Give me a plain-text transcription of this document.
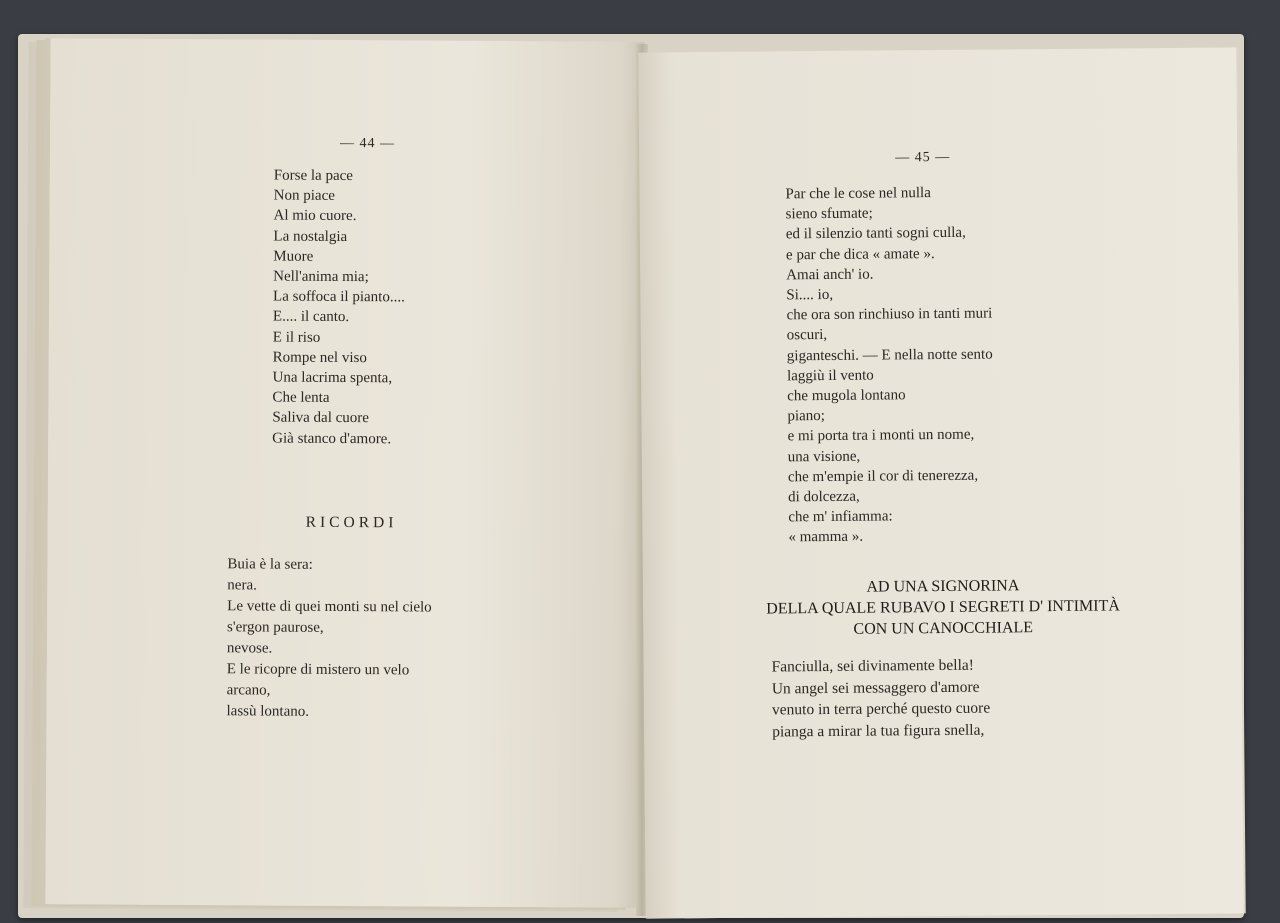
— 44 —
Forse la pace
Non piace
Al mio cuore.
La nostalgia
Muore
Nell'anima mia;
La soffoca il pianto....
E.... il canto.
E il riso
Rompe nel viso
Una lacrima spenta,
Che lenta
Saliva dal cuore
Già stanco d'amore.
RICORDI
Buia è la sera:
nera.
Le vette di quei monti su nel cielo
s'ergon paurose,
nevose.
E le ricopre di mistero un velo
arcano,
lassù lontano.
— 45 —
Par che le cose nel nulla
sieno sfumate;
ed il silenzio tanti sogni culla,
e par che dica « amate ».
Amai anch' io.
Si.... io,
che ora son rinchiuso in tanti muri
oscuri,
giganteschi. — E nella notte sento
laggiù il vento
che mugola lontano
piano;
e mi porta tra i monti un nome,
una visione,
che m'empie il cor di tenerezza,
di dolcezza,
che m' infiamma:
« mamma ».
AD UNA SIGNORINA
DELLA QUALE RUBAVO I SEGRETI D' INTIMITÀ
CON UN CANOCCHIALE
Fanciulla, sei divinamente bella!
Un angel sei messaggero d'amore
venuto in terra perché questo cuore
pianga a mirar la tua figura snella,
